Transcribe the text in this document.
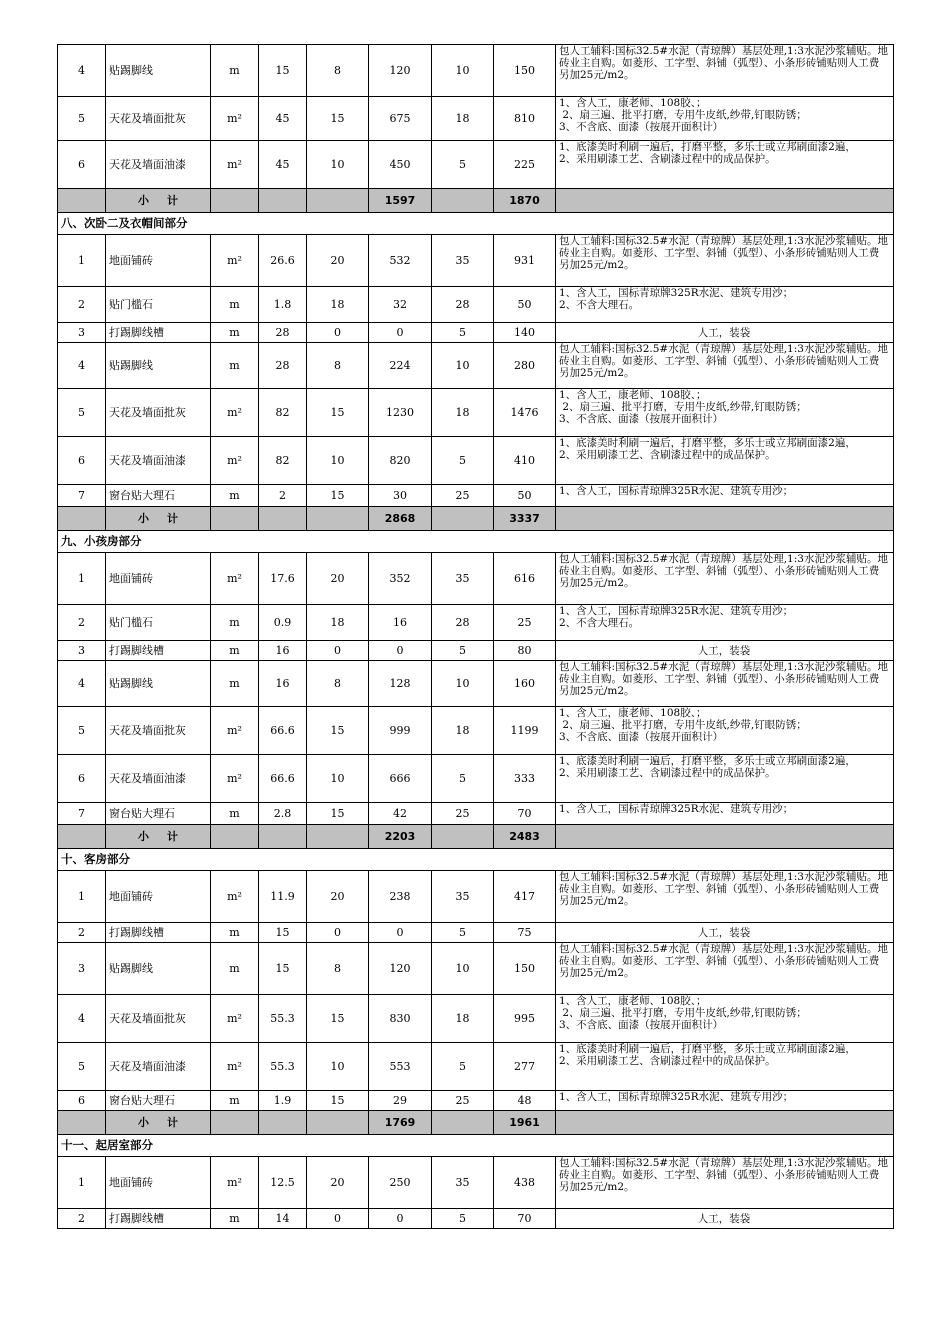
4	贴踢脚线	m	15	8	120	10	150	包人工辅料:国标32.5#水泥（青琼牌）基层处理,1:3水泥沙浆辅贴。地砖业主自购。如菱形、工字型、斜铺（弧型）、小条形砖铺贴则人工费另加25元/m2。

5	天花及墙面批灰	m²	45	15	675	18	810	1、含人工，康老师、108胶、；
2、扇三遍、批平打磨，专用牛皮纸,纱带,钉眼防锈；
3、不含底、面漆（按展开面积计）

6	天花及墙面油漆	m²	45	10	450	5	225	1、底漆美时利刷一遍后，打磨平整，多乐士或立邦刷面漆2遍，
2、采用刷漆工艺、含刷漆过程中的成品保护。

	小计				1597		1870	
八、次卧二及衣帽间部分								
1	地面铺砖	m²	26.6	20	532	35	931	包人工辅料:国标32.5#水泥（青琼牌）基层处理,1:3水泥沙浆辅贴。地砖业主自购。如菱形、工字型、斜铺（弧型）、小条形砖铺贴则人工费另加25元/m2。

2	贴门槛石	m	1.8	18	32	28	50	1、含人工，国标青琼牌325R水泥、建筑专用沙；
2、不含大理石。

3	打踢脚线槽	m	28	0	0	5	140	人工，装袋

4	贴踢脚线	m	28	8	224	10	280	包人工辅料:国标32.5#水泥（青琼牌）基层处理,1:3水泥沙浆辅贴。地砖业主自购。如菱形、工字型、斜铺（弧型）、小条形砖铺贴则人工费另加25元/m2。

5	天花及墙面批灰	m²	82	15	1230	18	1476	1、含人工，康老师、108胶、；
2、扇三遍、批平打磨，专用牛皮纸,纱带,钉眼防锈；
3、不含底、面漆（按展开面积计）

6	天花及墙面油漆	m²	82	10	820	5	410	1、底漆美时利刷一遍后，打磨平整，多乐士或立邦刷面漆2遍，
2、采用刷漆工艺、含刷漆过程中的成品保护。

7	窗台贴大理石	m	2	15	30	25	50	1、含人工，国标青琼牌325R水泥、建筑专用沙；

	小计				2868		3337	
九、小孩房部分								
1	地面铺砖	m²	17.6	20	352	35	616	包人工辅料:国标32.5#水泥（青琼牌）基层处理,1:3水泥沙浆辅贴。地砖业主自购。如菱形、工字型、斜铺（弧型）、小条形砖铺贴则人工费另加25元/m2。

2	贴门槛石	m	0.9	18	16	28	25	1、含人工，国标青琼牌325R水泥、建筑专用沙；
2、不含大理石。

3	打踢脚线槽	m	16	0	0	5	80	人工，装袋

4	贴踢脚线	m	16	8	128	10	160	包人工辅料:国标32.5#水泥（青琼牌）基层处理,1:3水泥沙浆辅贴。地砖业主自购。如菱形、工字型、斜铺（弧型）、小条形砖铺贴则人工费另加25元/m2。

5	天花及墙面批灰	m²	66.6	15	999	18	1199	1、含人工，康老师、108胶、；
2、扇三遍、批平打磨，专用牛皮纸,纱带,钉眼防锈；
3、不含底、面漆（按展开面积计）

6	天花及墙面油漆	m²	66.6	10	666	5	333	1、底漆美时利刷一遍后，打磨平整，多乐士或立邦刷面漆2遍，
2、采用刷漆工艺、含刷漆过程中的成品保护。

7	窗台贴大理石	m	2.8	15	42	25	70	1、含人工，国标青琼牌325R水泥、建筑专用沙；

	小计				2203		2483	
十、客房部分								
1	地面铺砖	m²	11.9	20	238	35	417	包人工辅料:国标32.5#水泥（青琼牌）基层处理,1:3水泥沙浆辅贴。地砖业主自购。如菱形、工字型、斜铺（弧型）、小条形砖铺贴则人工费另加25元/m2。

2	打踢脚线槽	m	15	0	0	5	75	人工，装袋

3	贴踢脚线	m	15	8	120	10	150	包人工辅料:国标32.5#水泥（青琼牌）基层处理,1:3水泥沙浆辅贴。地砖业主自购。如菱形、工字型、斜铺（弧型）、小条形砖铺贴则人工费另加25元/m2。

4	天花及墙面批灰	m²	55.3	15	830	18	995	1、含人工，康老师、108胶、；
2、扇三遍、批平打磨，专用牛皮纸,纱带,钉眼防锈；
3、不含底、面漆（按展开面积计）

5	天花及墙面油漆	m²	55.3	10	553	5	277	1、底漆美时利刷一遍后，打磨平整，多乐士或立邦刷面漆2遍，
2、采用刷漆工艺、含刷漆过程中的成品保护。

6	窗台贴大理石	m	1.9	15	29	25	48	1、含人工，国标青琼牌325R水泥、建筑专用沙；

	小计				1769		1961	
十一、起居室部分								
1	地面铺砖	m²	12.5	20	250	35	438	包人工辅料:国标32.5#水泥（青琼牌）基层处理,1:3水泥沙浆辅贴。地砖业主自购。如菱形、工字型、斜铺（弧型）、小条形砖铺贴则人工费另加25元/m2。

2	打踢脚线槽	m	14	0	0	5	70	人工，装袋
